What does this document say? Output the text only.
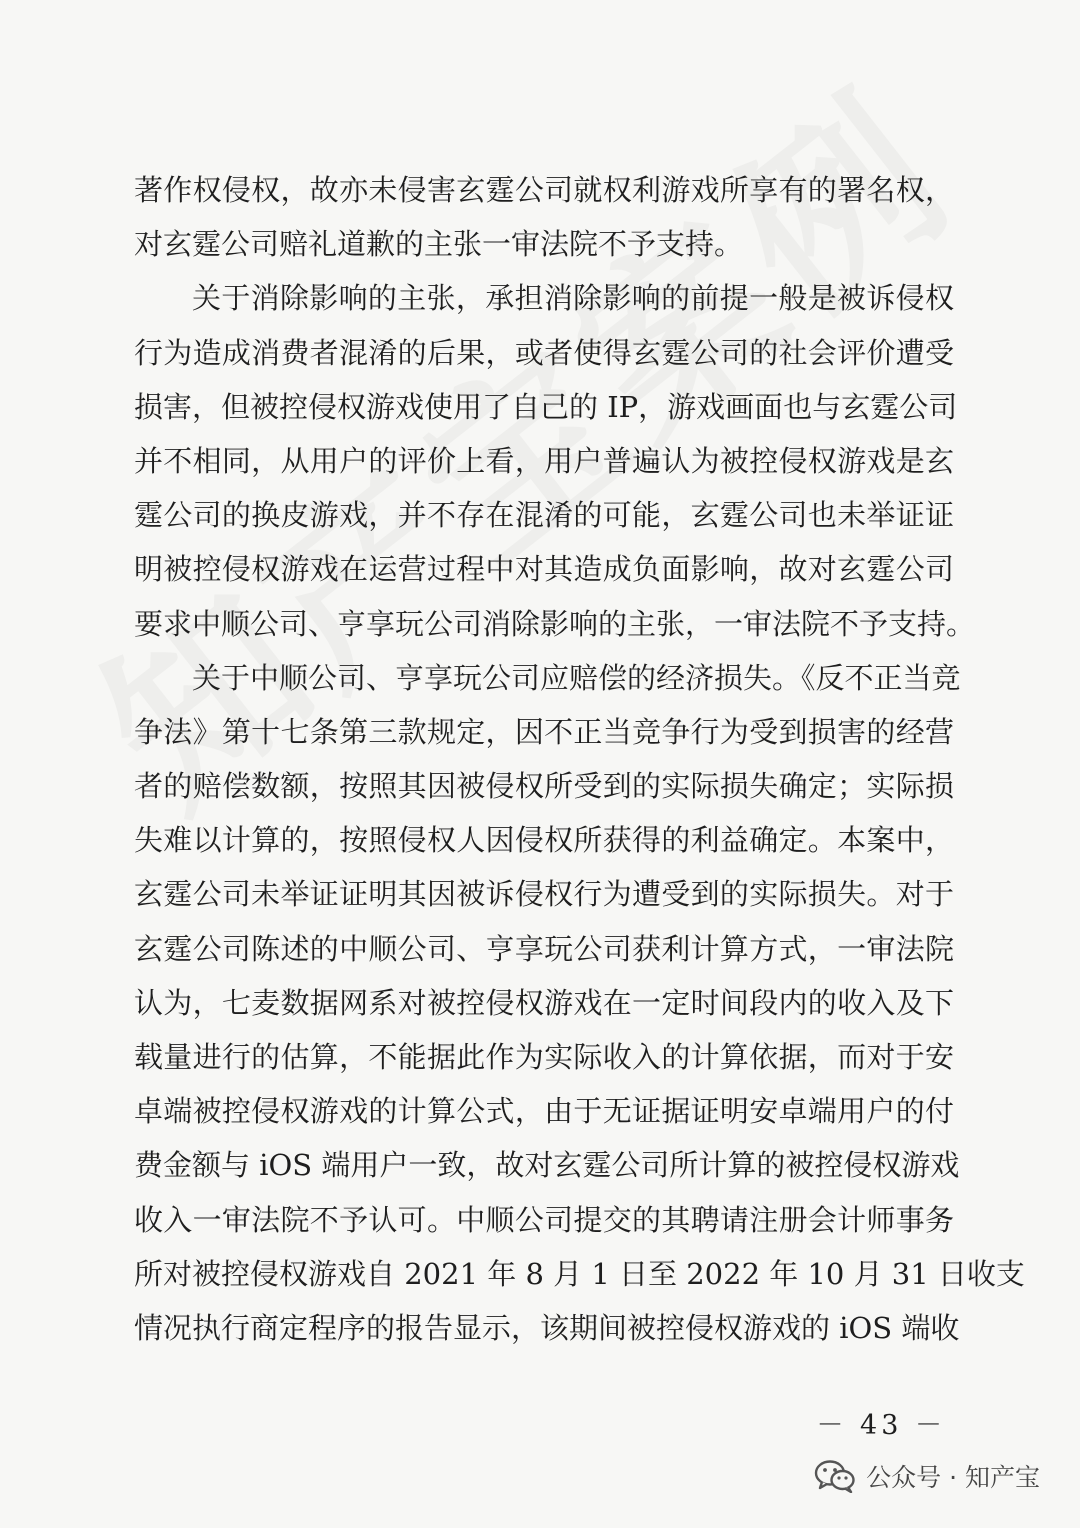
著作权侵权，故亦未侵害玄霆公司就权利游戏所享有的署名权，
对玄霆公司赔礼道歉的主张一审法院不予支持。
关于消除影响的主张，承担消除影响的前提一般是被诉侵权
行为造成消费者混淆的后果，或者使得玄霆公司的社会评价遭受
损害，但被控侵权游戏使用了自己的 IP，游戏画面也与玄霆公司
并不相同，从用户的评价上看，用户普遍认为被控侵权游戏是玄
霆公司的换皮游戏，并不存在混淆的可能，玄霆公司也未举证证
明被控侵权游戏在运营过程中对其造成负面影响，故对玄霆公司
要求中顺公司、亨享玩公司消除影响的主张，一审法院不予支持。
关于中顺公司、亨享玩公司应赔偿的经济损失。《反不正当竞
争法》第十七条第三款规定，因不正当竞争行为受到损害的经营
者的赔偿数额，按照其因被侵权所受到的实际损失确定；实际损
失难以计算的，按照侵权人因侵权所获得的利益确定。本案中，
玄霆公司未举证证明其因被诉侵权行为遭受到的实际损失。对于
玄霆公司陈述的中顺公司、亨享玩公司获利计算方式，一审法院
认为，七麦数据网系对被控侵权游戏在一定时间段内的收入及下
载量进行的估算，不能据此作为实际收入的计算依据，而对于安
卓端被控侵权游戏的计算公式，由于无证据证明安卓端用户的付
费金额与 iOS 端用户一致，故对玄霆公司所计算的被控侵权游戏
收入一审法院不予认可。中顺公司提交的其聘请注册会计师事务
所对被控侵权游戏自 2021 年 8 月 1 日至 2022 年 10 月 31 日收支
情况执行商定程序的报告显示，该期间被控侵权游戏的 iOS 端收
－ 43 －
公众号 · 知产宝
